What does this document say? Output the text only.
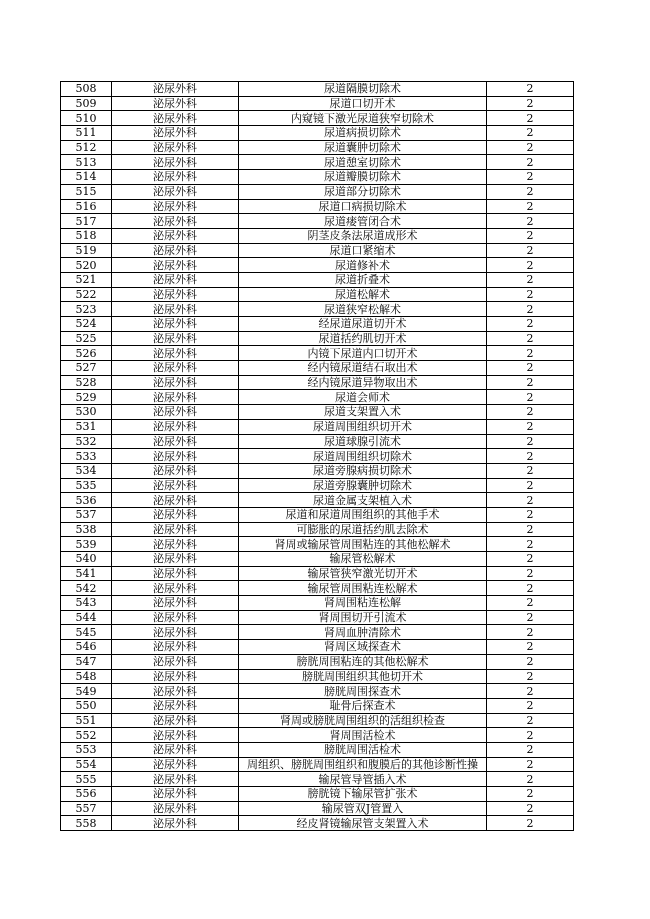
508	泌尿外科	尿道隔膜切除术	2
509	泌尿外科	尿道口切开术	2
510	泌尿外科	内窥镜下激光尿道狭窄切除术	2
511	泌尿外科	尿道病损切除术	2
512	泌尿外科	尿道囊肿切除术	2
513	泌尿外科	尿道憩室切除术	2
514	泌尿外科	尿道瓣膜切除术	2
515	泌尿外科	尿道部分切除术	2
516	泌尿外科	尿道口病损切除术	2
517	泌尿外科	尿道瘘管闭合术	2
518	泌尿外科	阴茎皮条法尿道成形术	2
519	泌尿外科	尿道口紧缩术	2
520	泌尿外科	尿道修补术	2
521	泌尿外科	尿道折叠术	2
522	泌尿外科	尿道松解术	2
523	泌尿外科	尿道狭窄松解术	2
524	泌尿外科	经尿道尿道切开术	2
525	泌尿外科	尿道括约肌切开术	2
526	泌尿外科	内镜下尿道内口切开术	2
527	泌尿外科	经内镜尿道结石取出术	2
528	泌尿外科	经内镜尿道异物取出术	2
529	泌尿外科	尿道会师术	2
530	泌尿外科	尿道支架置入术	2
531	泌尿外科	尿道周围组织切开术	2
532	泌尿外科	尿道球腺引流术	2
533	泌尿外科	尿道周围组织切除术	2
534	泌尿外科	尿道旁腺病损切除术	2
535	泌尿外科	尿道旁腺囊肿切除术	2
536	泌尿外科	尿道金属支架植入术	2
537	泌尿外科	尿道和尿道周围组织的其他手术	2
538	泌尿外科	可膨胀的尿道括约肌去除术	2
539	泌尿外科	肾周或输尿管周围粘连的其他松解术	2
540	泌尿外科	输尿管松解术	2
541	泌尿外科	输尿管狭窄激光切开术	2
542	泌尿外科	输尿管周围粘连松解术	2
543	泌尿外科	肾周围粘连松解	2
544	泌尿外科	肾周围切开引流术	2
545	泌尿外科	肾周血肿清除术	2
546	泌尿外科	肾周区域探查术	2
547	泌尿外科	膀胱周围粘连的其他松解术	2
548	泌尿外科	膀胱周围组织其他切开术	2
549	泌尿外科	膀胱周围探查术	2
550	泌尿外科	耻骨后探查术	2
551	泌尿外科	肾周或膀胱周围组织的活组织检查	2
552	泌尿外科	肾周围活检术	2
553	泌尿外科	膀胱周围活检术	2
554	泌尿外科	周组织、膀胱周围组织和腹膜后的其他诊断性操	2
555	泌尿外科	输尿管导管插入术	2
556	泌尿外科	膀胱镜下输尿管扩张术	2
557	泌尿外科	输尿管双J管置入	2
558	泌尿外科	经皮肾镜输尿管支架置入术	2
